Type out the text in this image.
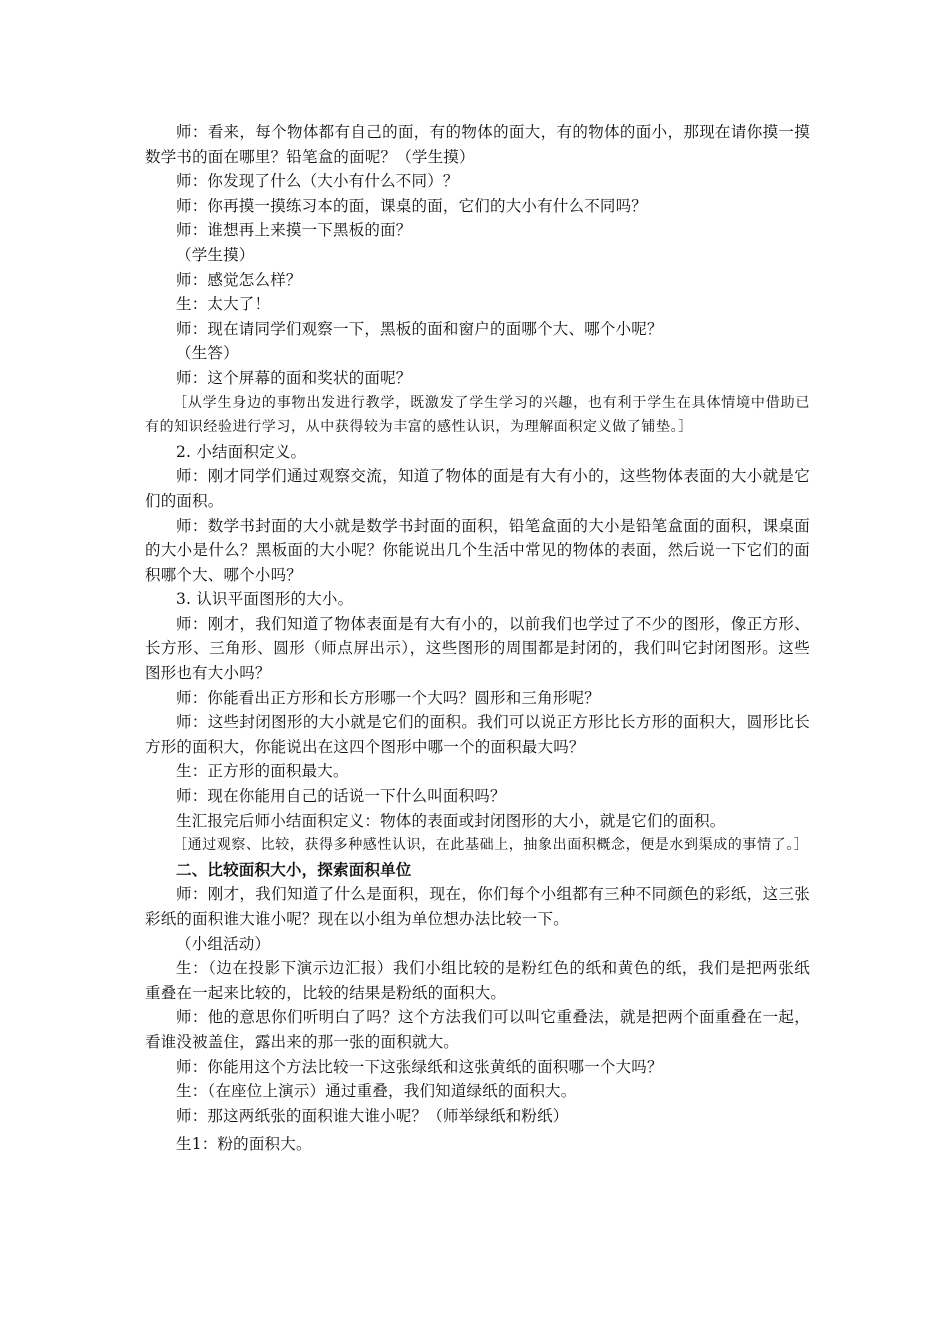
师：看来，每个物体都有自己的面，有的物体的面大，有的物体的面小，那现在请你摸一摸数学书的面在哪里？铅笔盒的面呢？（学生摸）

师：你发现了什么（大小有什么不同）？

师：你再摸一摸练习本的面，课桌的面，它们的大小有什么不同吗？

师：谁想再上来摸一下黑板的面？

（学生摸）

师：感觉怎么样？

生：太大了！

师：现在请同学们观察一下，黑板的面和窗户的面哪个大、哪个小呢？

（生答）

师：这个屏幕的面和奖状的面呢？

［从学生身边的事物出发进行教学，既激发了学生学习的兴趣，也有利于学生在具体情境中借助已有的知识经验进行学习，从中获得较为丰富的感性认识，为理解面积定义做了铺垫。］

2. 小结面积定义。

师：刚才同学们通过观察交流，知道了物体的面是有大有小的，这些物体表面的大小就是它们的面积。

师：数学书封面的大小就是数学书封面的面积，铅笔盒面的大小是铅笔盒面的面积，课桌面的大小是什么？黑板面的大小呢？你能说出几个生活中常见的物体的表面，然后说一下它们的面积哪个大、哪个小吗？

3. 认识平面图形的大小。

师：刚才，我们知道了物体表面是有大有小的，以前我们也学过了不少的图形，像正方形、长方形、三角形、圆形（师点屏出示），这些图形的周围都是封闭的，我们叫它封闭图形。这些图形也有大小吗？

师：你能看出正方形和长方形哪一个大吗？圆形和三角形呢？

师：这些封闭图形的大小就是它们的面积。我们可以说正方形比长方形的面积大，圆形比长方形的面积大，你能说出在这四个图形中哪一个的面积最大吗？

生：正方形的面积最大。

师：现在你能用自己的话说一下什么叫面积吗？

生汇报完后师小结面积定义：物体的表面或封闭图形的大小，就是它们的面积。

［通过观察、比较，获得多种感性认识，在此基础上，抽象出面积概念，便是水到渠成的事情了。］

二、比较面积大小，探索面积单位

师：刚才，我们知道了什么是面积，现在，你们每个小组都有三种不同颜色的彩纸，这三张彩纸的面积谁大谁小呢？现在以小组为单位想办法比较一下。

（小组活动）

生：（边在投影下演示边汇报）我们小组比较的是粉红色的纸和黄色的纸，我们是把两张纸重叠在一起来比较的，比较的结果是粉纸的面积大。

师：他的意思你们听明白了吗？这个方法我们可以叫它重叠法，就是把两个面重叠在一起，看谁没被盖住，露出来的那一张的面积就大。

师：你能用这个方法比较一下这张绿纸和这张黄纸的面积哪一个大吗？

生：（在座位上演示）通过重叠，我们知道绿纸的面积大。

师：那这两纸张的面积谁大谁小呢？（师举绿纸和粉纸）

生1：粉的面积大。
